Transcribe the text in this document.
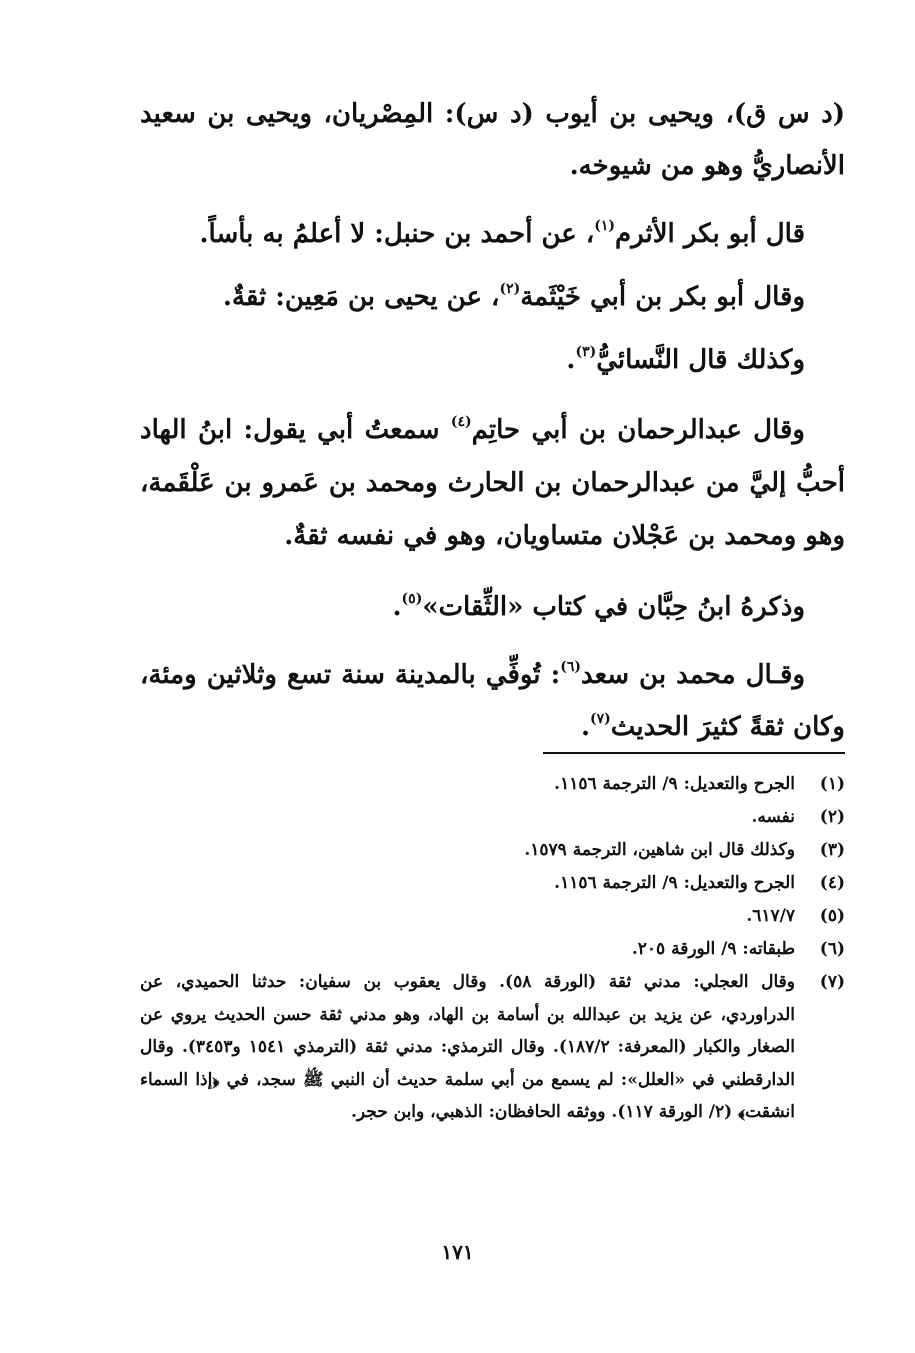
(د س ق)، ويحيى بن أيوب (د س): المِصْريان، ويحيى بن سعيد الأنصاريُّ وهو من شيوخه.

قال أبو بكر الأثرم$^{(١)}$، عن أحمد بن حنبل: لا أعلمُ به بأساً.

وقال أبو بكر بن أبي خَيْثَمة$^{(٢)}$، عن يحيى بن مَعِين: ثقةٌ.

وكذلك قال النَّسائيُّ$^{(٣)}$.

وقال عبدالرحمان بن أبي حاتِم$^{(٤)}$ سمعتُ أبي يقول: ابنُ الهاد أحبُّ إليَّ من عبدالرحمان بن الحارث ومحمد بن عَمرو بن عَلْقَمة، وهو ومحمد بن عَجْلان متساويان، وهو في نفسه ثقةٌ.

وذكرهُ ابنُ حِبَّان في كتاب «الثِّقات»$^{(٥)}$.

وقـال محمد بن سعد$^{(٦)}$: تُوفِّي بالمدينة سنة تسع وثلاثين ومئة، وكان ثقةً كثيرَ الحديث$^{(٧)}$.

(١)
الجرح والتعديل: ٩/ الترجمة ١١٥٦.
(٢)
نفسه.
(٣)
وكذلك قال ابن شاهين، الترجمة ١٥٧٩.
(٤)
الجرح والتعديل: ٩/ الترجمة ١١٥٦.
(٥)
٦١٧/٧.
(٦)
طبقاته: ٩/ الورقة ٢٠٥.
(٧)
وقال العجلي: مدني ثقة (الورقة ٥٨). وقال يعقوب بن سفيان: حدثنا الحميدي، عن الدراوردي، عن يزيد بن عبدالله بن أسامة بن الهاد، وهو مدني ثقة حسن الحديث يروي عن الصغار والكبار (المعرفة: ١٨٧/٢). وقال الترمذي: مدني ثقة (الترمذي ١٥٤١ و٣٤٥٣). وقال الدارقطني في «العلل»: لم يسمع من أبي سلمة حديث أن النبي ﷺ سجد، في ﴿إذا السماء انشقت﴾ (٢/ الورقة ١١٧). ووثقه الحافظان: الذهبي، وابن حجر.
١٧١
